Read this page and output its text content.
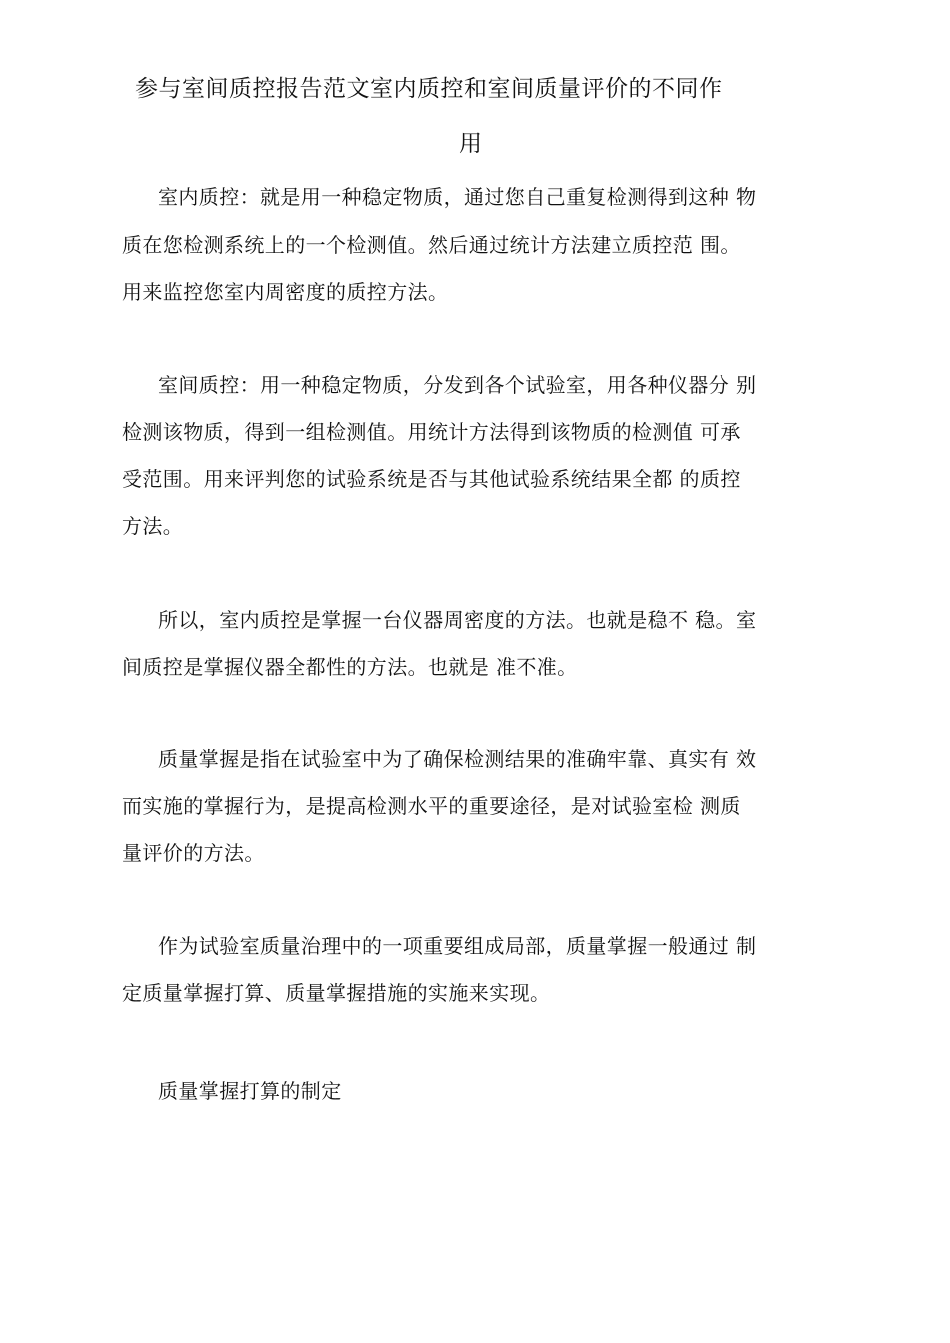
参与室间质控报告范文室内质控和室间质量评价的不同作
用
室内质控：就是用一种稳定物质，通过您自己重复检测得到这种 物
质在您检测系统上的一个检测值。然后通过统计方法建立质控范 围。
用来监控您室内周密度的质控方法。
室间质控：用一种稳定物质，分发到各个试验室，用各种仪器分 别
检测该物质，得到一组检测值。用统计方法得到该物质的检测值 可承
受范围。用来评判您的试验系统是否与其他试验系统结果全都 的质控
方法。
所以，室内质控是掌握一台仪器周密度的方法。也就是稳不 稳。室
间质控是掌握仪器全都性的方法。也就是 准不准。
质量掌握是指在试验室中为了确保检测结果的准确牢靠、真实有 效
而实施的掌握行为，是提高检测水平的重要途径，是对试验室检 测质
量评价的方法。
作为试验室质量治理中的一项重要组成局部，质量掌握一般通过 制
定质量掌握打算、质量掌握措施的实施来实现。
质量掌握打算的制定
